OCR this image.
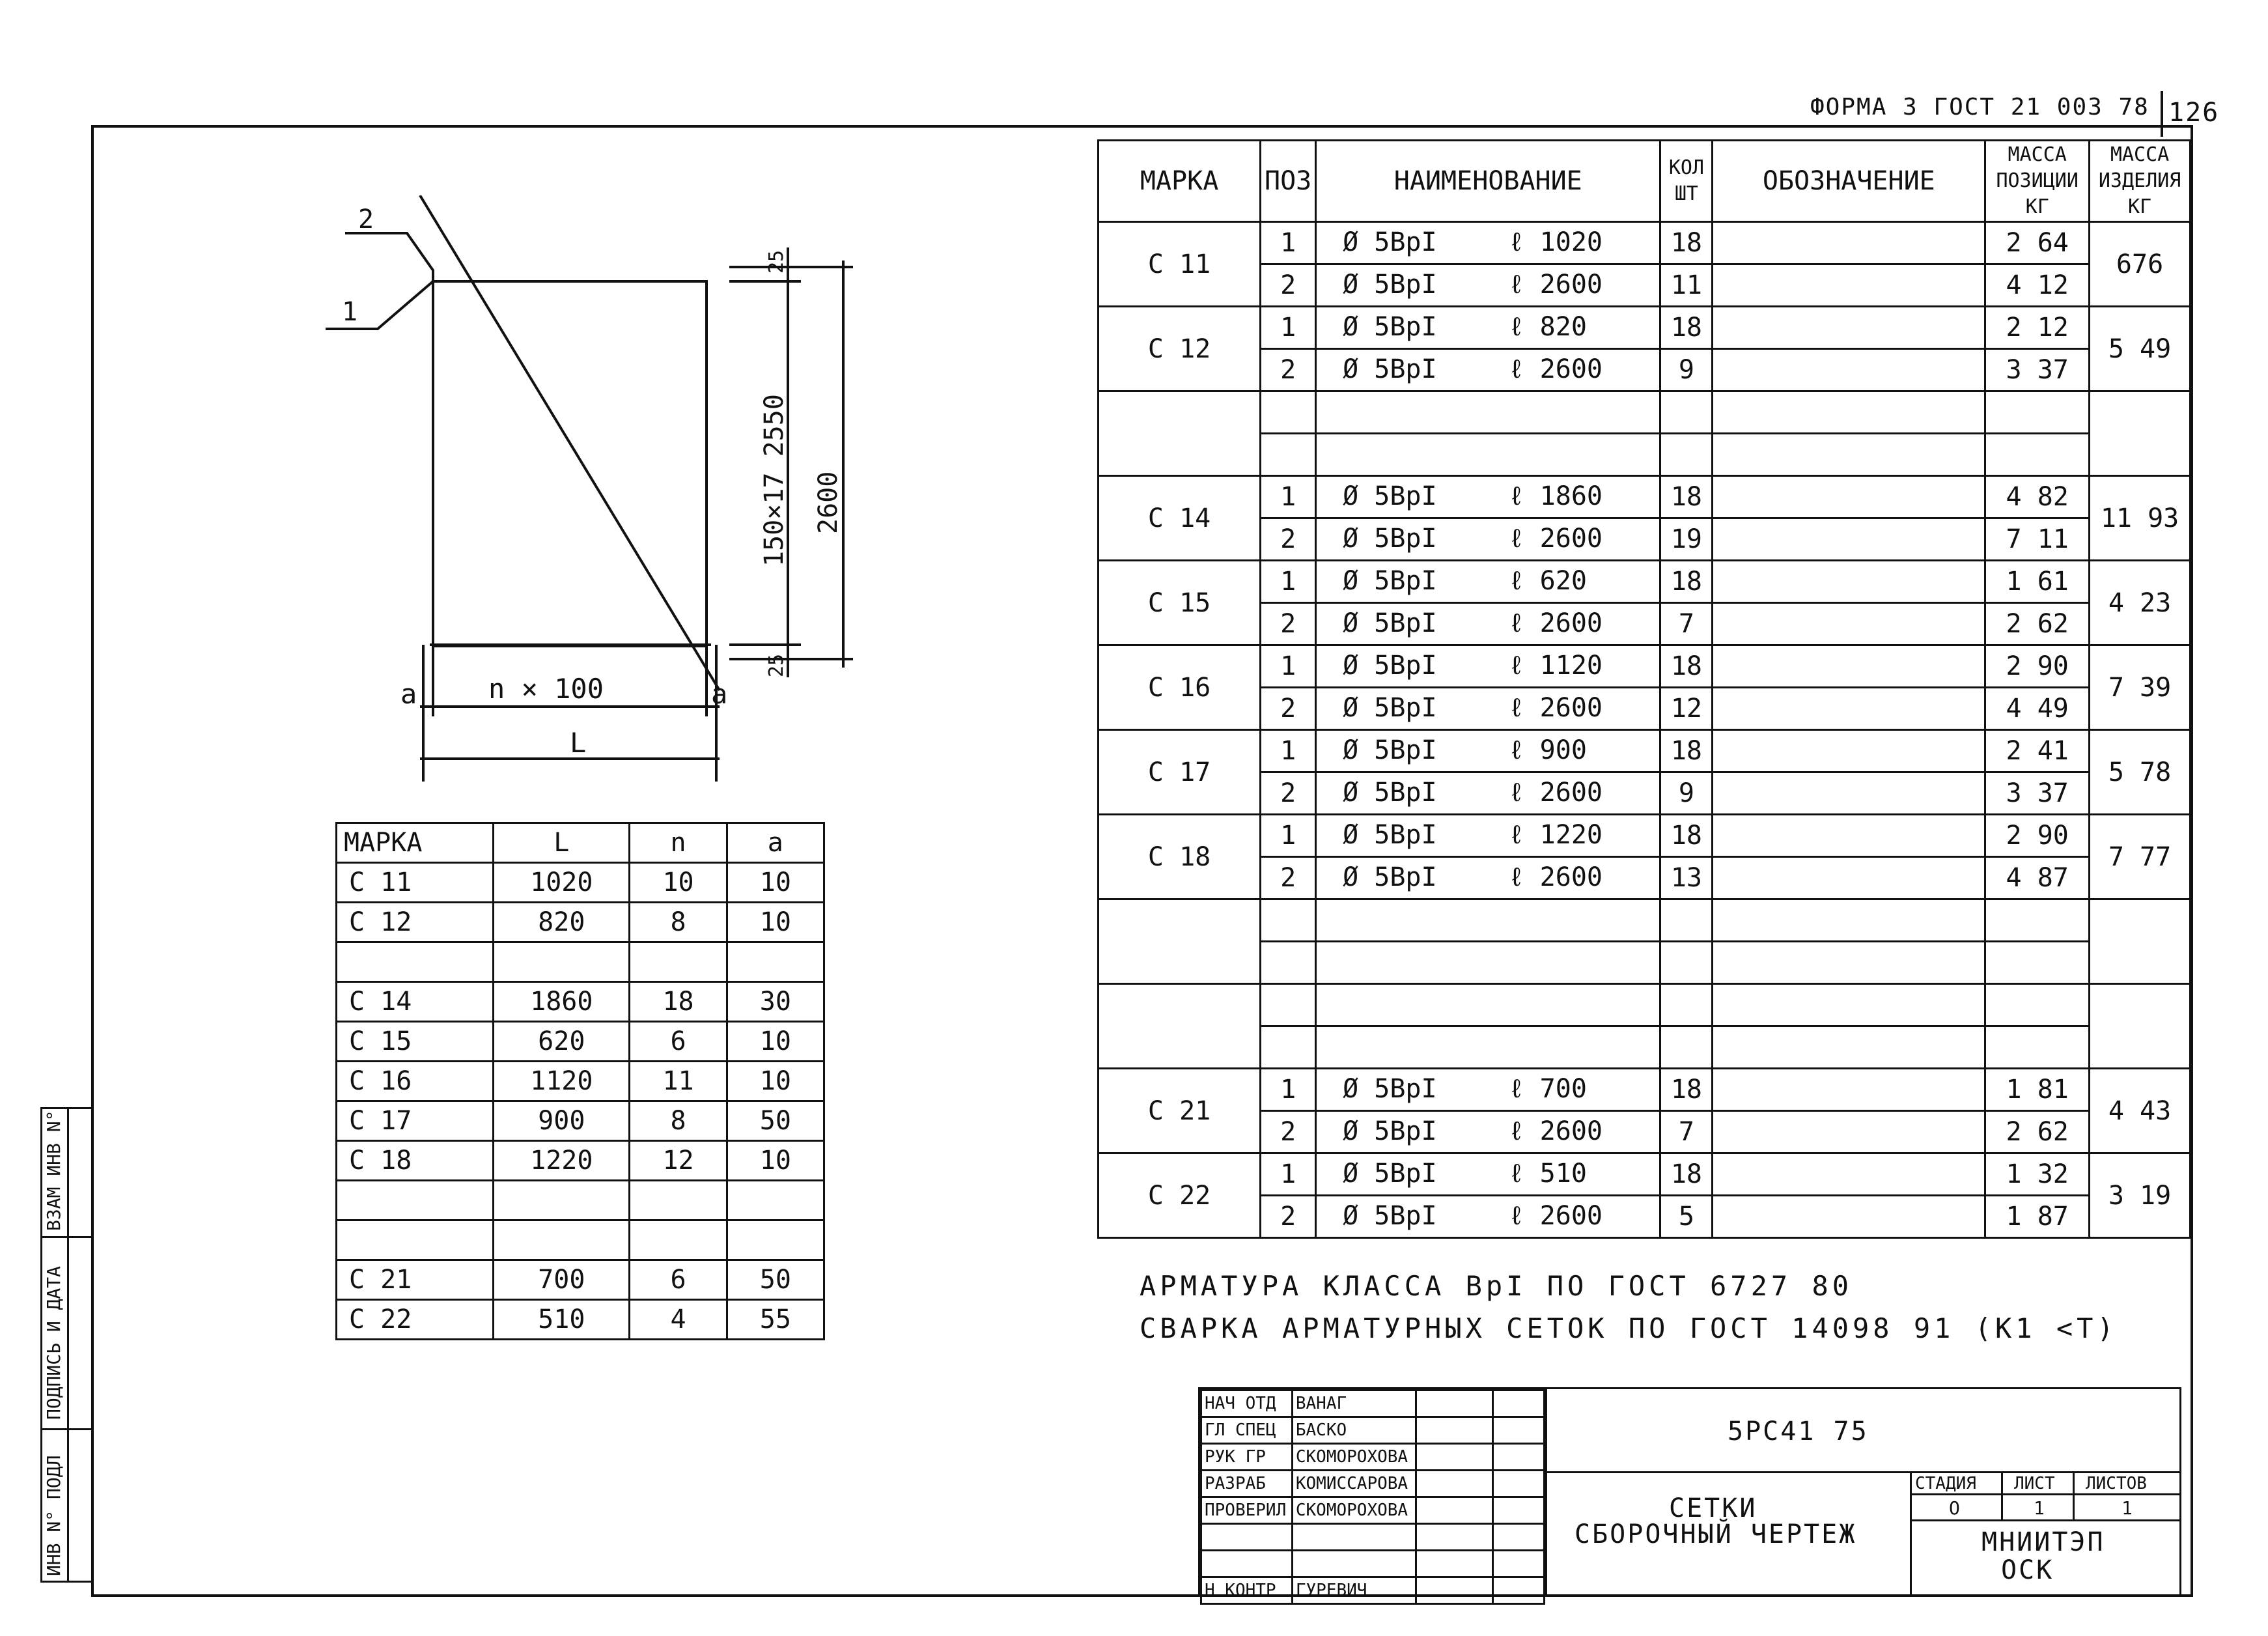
ФОРМА 3 ГОСТ 21 003 78 126
ИНВ N° ПОДЛ
ПОДПИСЬ И ДАТА
ВЗАМ ИНВ N°
2
1
a	a
n × 100
L
25
150×17 2550 2600
25
МАРКА	L	n	a
С 11	1020	10	10
С 12	820	8	10

С 14	1860	18	30
С 15	620	6	10
С 16	1120	11	10
С 17	900	8	50
С 18	1220	12	10

С 21	700	6	50
С 22	510	4	55
МАРКА	ПОЗ	НАИМЕНОВАНИЕ	КОЛ ШТ	ОБОЗНАЧЕНИЕ	МАССА ПОЗИЦИИ КГ	МАССА ИЗДЕЛИЯ КГ
С 11	1	Ø 5ВрI ℓ 1020	18		2 64	676
	2	Ø 5ВрI ℓ 2600	11		4 12	
С 12	1	Ø 5ВрI ℓ 820	18		2 12	5 49
	2	Ø 5ВрI ℓ 2600	9		3 37	

С 14	1	Ø 5ВрI ℓ 1860	18		4 82	11 93
	2	Ø 5ВрI ℓ 2600	19		7 11	
С 15	1	Ø 5ВрI ℓ 620	18		1 61	4 23
	2	Ø 5ВрI ℓ 2600	7		2 62	
С 16	1	Ø 5ВрI ℓ 1120	18		2 90	7 39
	2	Ø 5ВрI ℓ 2600	12		4 49	
С 17	1	Ø 5ВрI ℓ 900	18		2 41	5 78
	2	Ø 5ВрI ℓ 2600	9		3 37	
С 18	1	Ø 5ВрI ℓ 1220	18		2 90	7 77
	2	Ø 5ВрI ℓ 2600	13		4 87	

С 21	1	Ø 5ВрI ℓ 700	18		1 81	4 43
	2	Ø 5ВрI ℓ 2600	7		2 62	
С 22	1	Ø 5ВрI ℓ 510	18		1 32	3 19
	2	Ø 5ВрI ℓ 2600	5		1 87	
АРМАТУРА КЛАССА ВрI ПО ГОСТ 6727 80
СВАРКА АРМАТУРНЫХ СЕТОК ПО ГОСТ 14098 91 (К1 <Т)
НАЧ ОТД	ВАНАГ		
ГЛ СПЕЦ	БАСКО		
РУК ГР	СКОМОРОХОВА		
РАЗРАБ	КОМИССАРОВА		
ПРОВЕРИЛ	СКОМОРОХОВА		

Н КОНТР	ГУРЕВИЧ		
5РС41 75
СЕТКИ
СБОРОЧНЫЙ ЧЕРТЕЖ
СТАДИЯ ЛИСТ ЛИСТОВ
О	1	1
МНИИТЭП
ОСК
